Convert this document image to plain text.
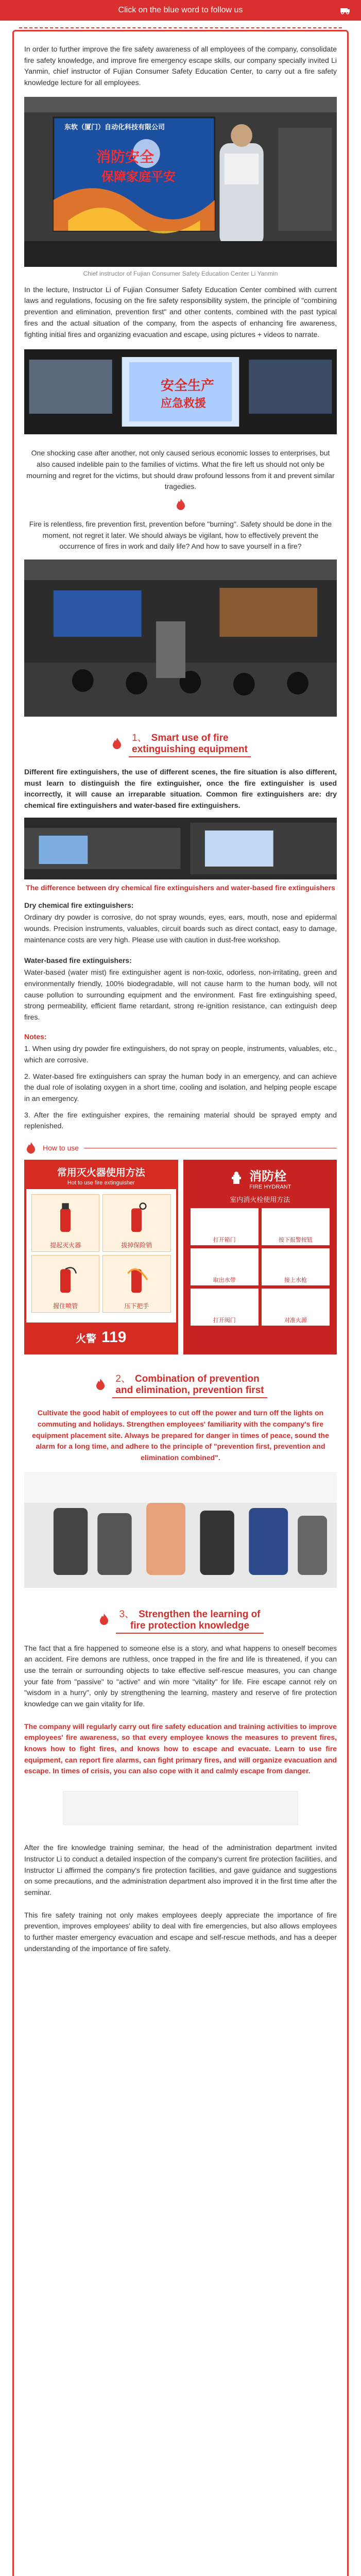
Click on the blue word to follow us

In order to further improve the fire safety awareness of all employees of the company, consolidate fire safety knowledge, and improve fire emergency escape skills, our company specially invited Li Yanmin, chief instructor of Fujian Consumer Safety Education Center, to carry out a fire safety knowledge lecture for all employees.

东软（厦门）自动化科技有限公司
消防安全
保障家庭平安
Chief instructor of Fujian Consumer Safety Education Center Li Yanmin

In the lecture, Instructor Li of Fujian Consumer Safety Education Center combined with current laws and regulations, focusing on the fire safety responsibility system, the principle of "combining prevention and elimination, prevention first" and other contents, combined with the past typical fires and the actual situation of the company, from the aspects of enhancing fire awareness, fighting initial fires and organizing evacuation and escape, using pictures + videos to narrate.

安全生产
应急救援

One shocking case after another, not only caused serious economic losses to enterprises, but also caused indelible pain to the families of victims. What the fire left us should not only be mourning and regret for the victims, but should draw profound lessons from it and prevent similar tragedies.

Fire is relentless, fire prevention first, prevention before "burning". Safety should be done in the moment, not regret it later. We should always be vigilant, how to effectively prevent the occurrence of fires in work and daily life? And how to save yourself in a fire?

1、 Smart use of fire
extinguishing equipment

Different fire extinguishers, the use of different scenes, the fire situation is also different, must learn to distinguish the fire extinguisher, once the fire extinguisher is used incorrectly, it will cause an irreparable situation. Common fire extinguishers are: dry chemical fire extinguishers and water-based fire extinguishers.

The difference between dry chemical fire extinguishers and water-based fire extinguishers

Dry chemical fire extinguishers:

Ordinary dry powder is corrosive, do not spray wounds, eyes, ears, mouth, nose and epidermal wounds. Precision instruments, valuables, circuit boards such as direct contact, easy to damage, maintenance costs are very high. Please use with caution in dust-free workshop.

Water-based fire extinguishers:

Water-based (water mist) fire extinguisher agent is non-toxic, odorless, non-irritating, green and environmentally friendly, 100% biodegradable, will not cause harm to the human body, will not cause pollution to surrounding equipment and the environment. Fast fire extinguishing speed, strong permeability, efficient flame retardant, strong re-ignition resistance, can extinguish deep fires.

Notes:

1. When using dry powder fire extinguishers, do not spray on people, instruments, valuables, etc., which are corrosive.

2. Water-based fire extinguishers can spray the human body in an emergency, and can achieve the dual role of isolating oxygen in a short time, cooling and isolation, and helping people escape in an emergency.

3. After the fire extinguisher expires, the remaining material should be sprayed empty and replenished.

How to use
常用灭火器使用方法
Hot to use fire extinguisher
提起灭火器	拔掉保险销
握住喷管	压下把手
火警 119
消防栓
FIRE HYDRANT
室内消火栓使用方法
打开箱门	按下报警按钮
取出水带	接上水枪
打开阀门	对准火源
2、 Combination of prevention
and elimination, prevention first

Cultivate the good habit of employees to cut off the power and turn off the lights on commuting and holidays. Strengthen employees' familiarity with the company's fire equipment placement site. Always be prepared for danger in times of peace, sound the alarm for a long time, and adhere to the principle of "prevention first, prevention and elimination combined".

3、 Strengthen the learning of
fire protection knowledge

The fact that a fire happened to someone else is a story, and what happens to oneself becomes an accident. Fire demons are ruthless, once trapped in the fire and life is threatened, if you can use the terrain or surrounding objects to take effective self-rescue measures, you can change your fate from "passive" to "active" and win more "vitality" for life. Fire escape cannot rely on "wisdom in a hurry", only by strengthening the learning, mastery and reserve of fire protection knowledge can we gain vitality for life.

The company will regularly carry out fire safety education and training activities to improve employees' fire awareness, so that every employee knows the measures to prevent fires, knows how to fight fires, and knows how to escape and evacuate. Learn to use fire equipment, can report fire alarms, can fight primary fires, and will organize evacuation and escape. In times of crisis, you can also cope with it and calmly escape from danger.

After the fire knowledge training seminar, the head of the administration department invited Instructor Li to conduct a detailed inspection of the company's current fire protection facilities, and Instructor Li affirmed the company's fire protection facilities, and gave guidance and suggestions on some precautions, and the administration department also improved it in the first time after the seminar.

This fire safety training not only makes employees deeply appreciate the importance of fire prevention, improves employees' ability to deal with fire emergencies, but also allows employees to further master emergency evacuation and escape and self-rescue methods, and has a deeper understanding of the importance of fire safety.
